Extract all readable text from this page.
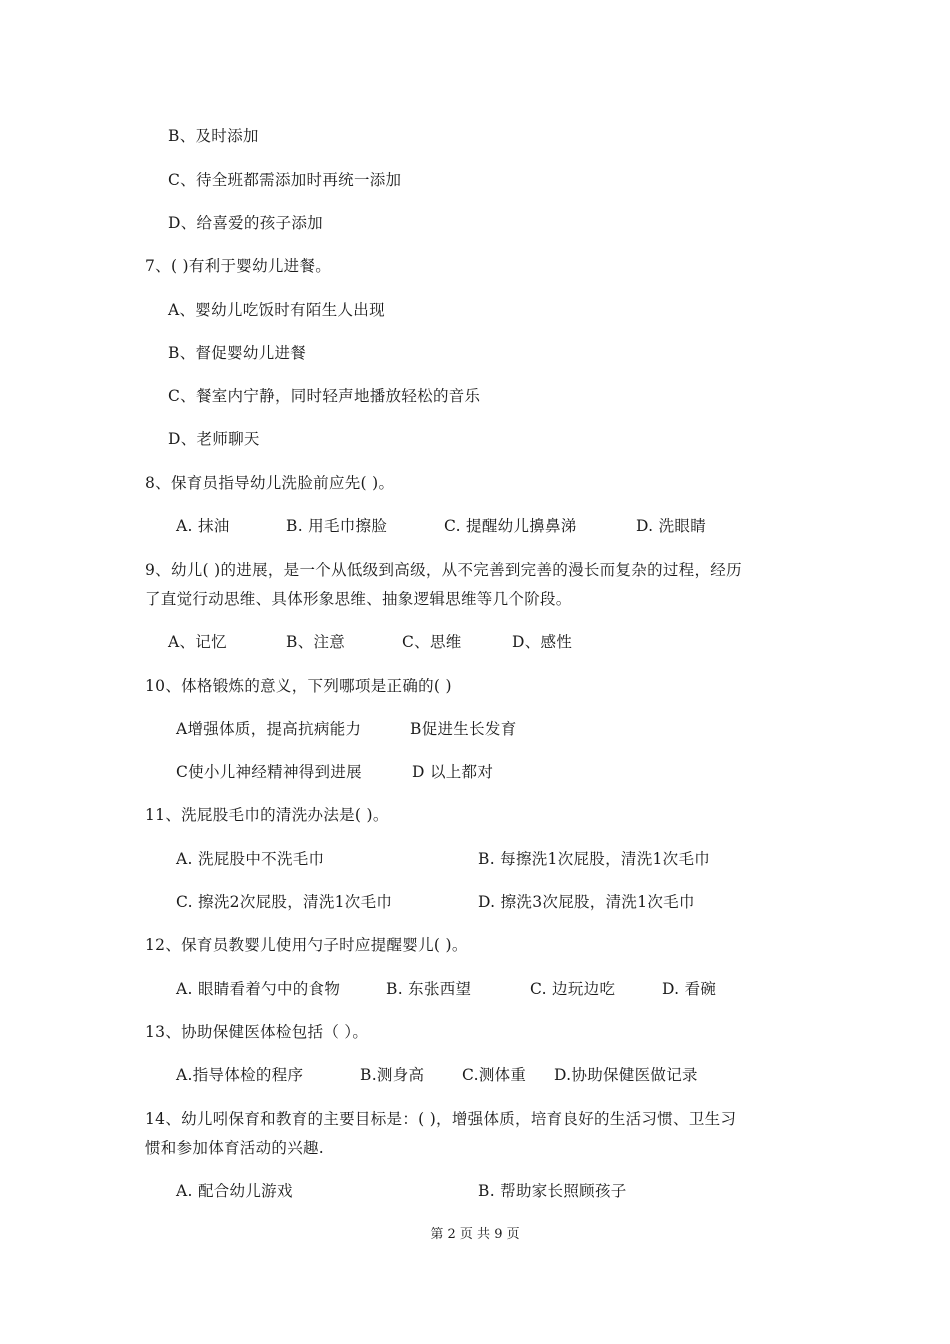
B、及时添加
C、待全班都需添加时再统一添加
D、给喜爱的孩子添加
7、( )有利于婴幼儿进餐。
A、婴幼儿吃饭时有陌生人出现
B、督促婴幼儿进餐
C、餐室内宁静，同时轻声地播放轻松的音乐
D、老师聊天
8、保育员指导幼儿洗脸前应先( )。
A. 抹油	B. 用毛巾擦脸	C. 提醒幼儿擤鼻涕	D. 洗眼睛
9、幼儿( )的进展，是一个从低级到高级，从不完善到完善的漫长而复杂的过程，经历
了直觉行动思维、具体形象思维、抽象逻辑思维等几个阶段。
A、记忆	B、注意	C、思维	D、感性
10、体格锻炼的意义，下列哪项是正确的( )
A增强体质，提高抗病能力	B促进生长发育
C使小儿神经精神得到进展	D 以上都对
11、洗屁股毛巾的清洗办法是( )。
A. 洗屁股中不洗毛巾	B. 每擦洗1次屁股，清洗1次毛巾
C. 擦洗2次屁股，清洗1次毛巾	D. 擦洗3次屁股，清洗1次毛巾
12、保育员教婴儿使用勺子时应提醒婴儿( )。
A. 眼睛看着勺中的食物	B. 东张西望	C. 边玩边吃	D. 看碗
13、协助保健医体检包括（ ）。
A.指导体检的程序	B.测身高 C.测体重 D.协助保健医做记录
14、幼儿吲保育和教育的主要目标是：( )，增强体质，培育良好的生活习惯、卫生习
惯和参加体育活动的兴趣.
A. 配合幼儿游戏	B. 帮助家长照顾孩子
第 2 页 共 9 页
